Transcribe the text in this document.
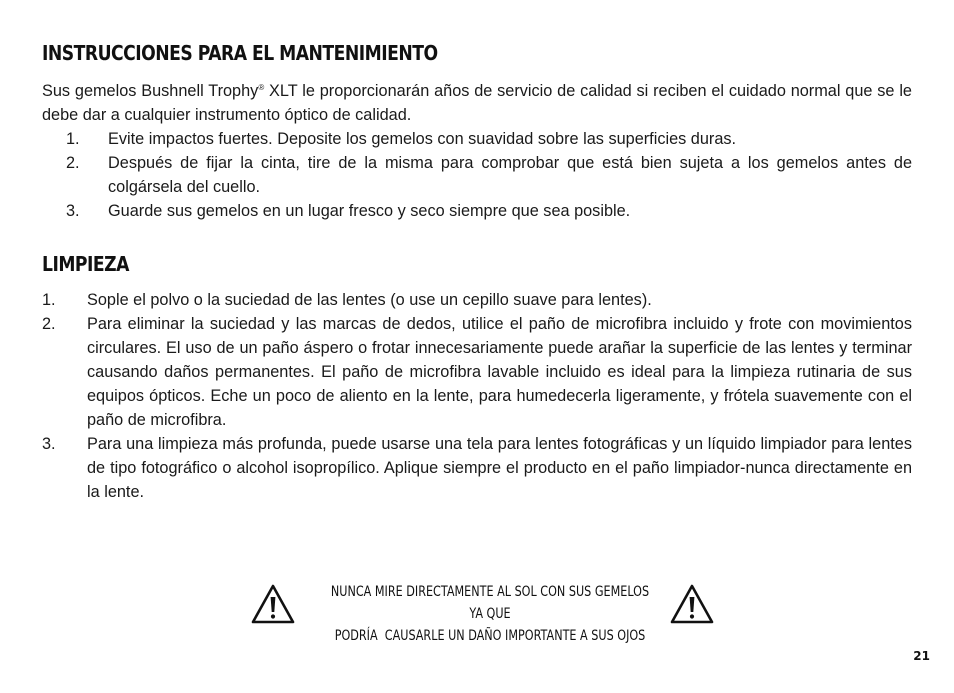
INSTRUCCIONES PARA EL MANTENIMIENTO

Sus gemelos Bushnell Trophy® XLT le proporcionarán años de servicio de calidad si reciben el cuidado normal que se le debe dar a cualquier instrumento óptico de calidad.

1. Evite impactos fuertes. Deposite los gemelos con suavidad sobre las superficies duras.
2. Después de fijar la cinta, tire de la misma para comprobar que está bien sujeta a los gemelos antes de colgársela del cuello.
3. Guarde sus gemelos en un lugar fresco y seco siempre que sea posible.
LIMPIEZA
1. Sople el polvo o la suciedad de las lentes (o use un cepillo suave para lentes).
2. Para eliminar la suciedad y las marcas de dedos, utilice el paño de microfibra incluido y frote con movimientos circulares. El uso de un paño áspero o frotar innecesariamente puede arañar la superficie de las lentes y terminar causando daños permanentes. El paño de microfibra lavable incluido es ideal para la limpieza rutinaria de sus equipos ópticos. Eche un poco de aliento en la lente, para humedecerla ligeramente, y frótela suavemente con el paño de microfibra.
3. Para una limpieza más profunda, puede usarse una tela para lentes fotográficas y un líquido limpiador para lentes de tipo fotográfico o alcohol isopropílico. Aplique siempre el producto en el paño limpiador-nunca directamente en la lente.
NUNCA MIRE DIRECTAMENTE AL SOL CON SUS GEMELOS YA QUE
PODRÍA  CAUSARLE UN DAÑO IMPORTANTE A SUS OJOS
21
